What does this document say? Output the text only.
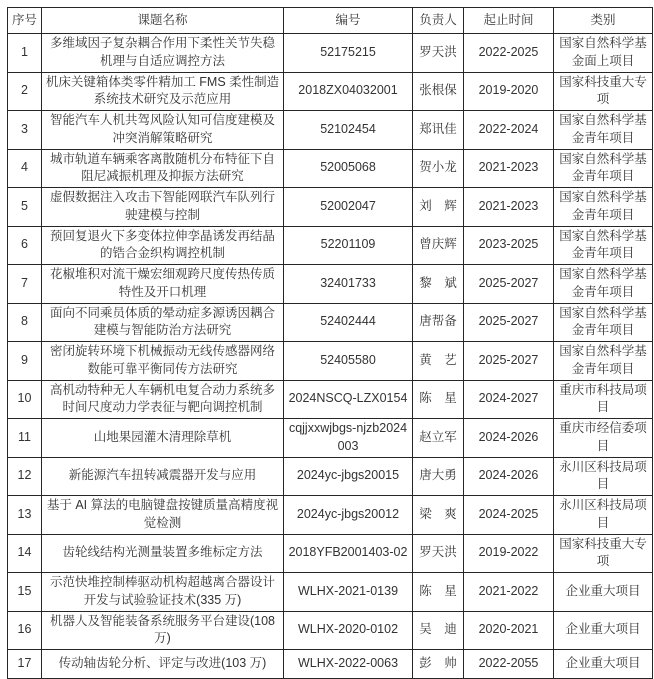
序号	课题名称	编号	负责人	起止时间	类别
1	多维域因子复杂耦合作用下柔性关节失稳机理与自适应调控方法	52175215	罗天洪	2022-2025	国家自然科学基金面上项目
2	机床关键箱体类零件精加工 FMS 柔性制造系统技术研究及示范应用	2018ZX04032001	张根保	2019-2020	国家科技重大专项
3	智能汽车人机共驾风险认知可信度建模及冲突消解策略研究	52102454	郑讯佳	2022-2024	国家自然科学基金青年项目
4	城市轨道车辆乘客离散随机分布特征下自阻尼减振机理及抑振方法研究	52005068	贺小龙	2021-2023	国家自然科学基金青年项目
5	虚假数据注入攻击下智能网联汽车队列行驶建模与控制	52002047	刘　辉	2021-2023	国家自然科学基金青年项目
6	预回复退火下多变体拉伸孪晶诱发再结晶的锆合金织构调控机制	52201109	曾庆辉	2023-2025	国家自然科学基金青年项目
7	花椒堆积对流干燥宏细观跨尺度传热传质特性及开口机理	32401733	黎　斌	2025-2027	国家自然科学基金青年项目
8	面向不同乘员体质的晕动症多源诱因耦合建模与智能防治方法研究	52402444	唐帮备	2025-2027	国家自然科学基金青年项目
9	密闭旋转环境下机械振动无线传感器网络数能可靠平衡同传方法研究	52405580	黄　艺	2025-2027	国家自然科学基金青年项目
10	高机动特种无人车辆机电复合动力系统多时间尺度动力学表征与靶向调控机制	2024NSCQ-LZX0154	陈　星	2024-2027	重庆市科技局项目
11	山地果园灌木清理除草机	cqjjxxwjbgs-njzb2024003	赵立军	2024-2026	重庆市经信委项目
12	新能源汽车扭转减震器开发与应用	2024yc-jbgs20015	唐大勇	2024-2026	永川区科技局项目
13	基于 AI 算法的电脑键盘按键质量高精度视觉检测	2024yc-jbgs20012	梁　爽	2024-2025	永川区科技局项目
14	齿轮线结构光测量装置多维标定方法	2018YFB2001403-02	罗天洪	2019-2022	国家科技重大专项
15	示范快堆控制棒驱动机构超越离合器设计开发与试验验证技术(335 万)	WLHX-2021-0139	陈　星	2021-2022	企业重大项目
16	机器人及智能装备系统服务平台建设(108万)	WLHX-2020-0102	吴　迪	2020-2021	企业重大项目
17	传动轴齿轮分析、评定与改进(103 万)	WLHX-2022-0063	彭　帅	2022-2055	企业重大项目
